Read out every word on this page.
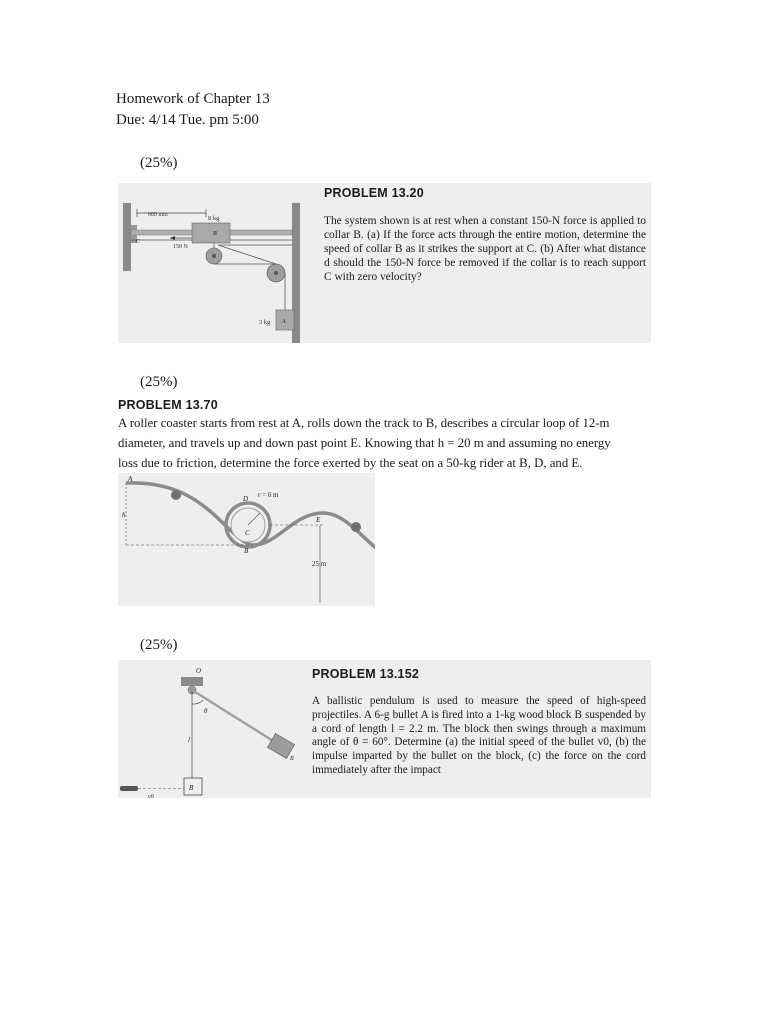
Homework of Chapter 13
Due: 4/14 Tue. pm 5:00
(25%)
600 mm	8 kg
B
C
150 N
A
3 kg
PROBLEM 13.20
The system shown is at rest when a constant 150-N force is applied to collar B. (a) If the force acts through the entire motion, determine the speed of collar B as it strikes the support at C. (b) After what distance d should the 150-N force be removed if the collar is to reach support C with zero velocity?
(25%)
PROBLEM 13.70
A roller coaster starts from rest at A, rolls down the track to B, describes a circular loop of 12-m
diameter, and travels up and down past point E. Knowing that h = 20 m and assuming no energy
loss due to friction, determine the force exerted by the seat on a 50-kg rider at B, D, and E.
A
h
D r = 6 m
C
B
E
25 m
(25%)
O
θ
l
B
B
v0
PROBLEM 13.152
A ballistic pendulum is used to measure the speed of high-speed projectiles. A 6-g bullet A is fired into a 1-kg wood block B suspended by a cord of length l = 2.2 m. The block then swings through a maximum angle of θ = 60°. Determine (a) the initial speed of the bullet v0, (b) the impulse imparted by the bullet on the block, (c) the force on the cord immediately after the impact
